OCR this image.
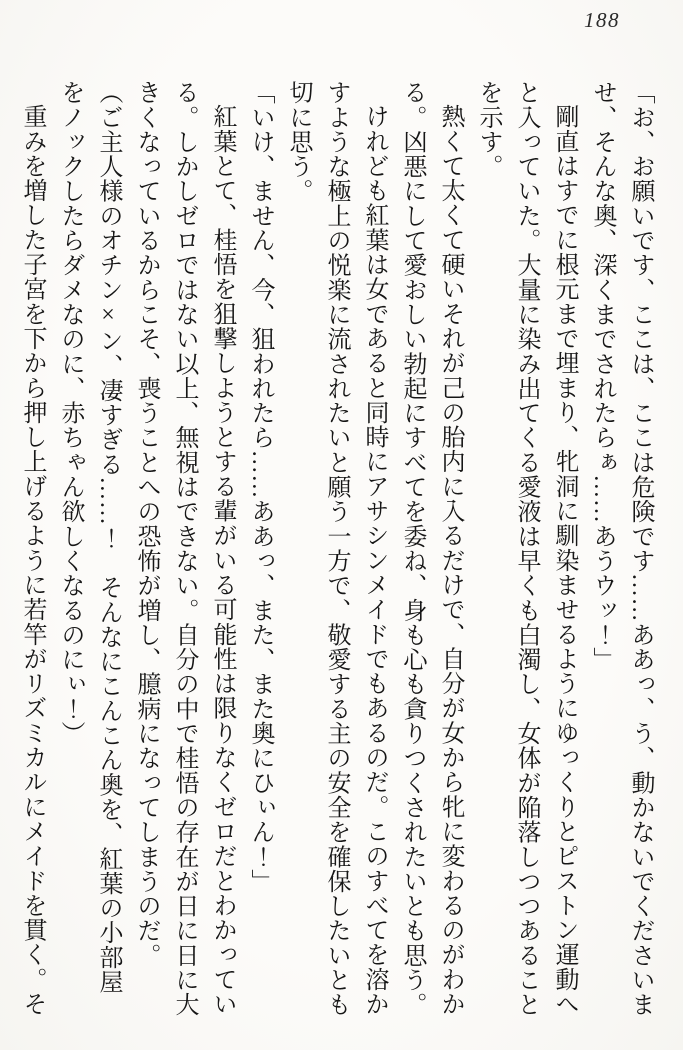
188

「お、お願いです、ここは、ここは危険です……ああっ、う、動かないでくださいませ、そんな奥、深くまでされたらぁ……あうウッ！」

剛直はすでに根元まで埋まり、牝洞に馴染ませるようにゆっくりとピストン運動へと入っていた。大量に染み出てくる愛液は早くも白濁し、女体が陥落しつつあることを示す。

熱くて太くて硬いそれが己の胎内に入るだけで、自分が女から牝に変わるのがわかる。凶悪にして愛おしい勃起にすべてを委ね、身も心も貪りつくされたいとも思う。

けれども紅葉は女であると同時にアサシンメイドでもあるのだ。このすべてを溶かすような極上の悦楽に流されたいと願う一方で、敬愛する主の安全を確保したいとも切に思う。

「いけ、ません、今、狙われたら……ああっ、また、また奥にひぃん！」

紅葉とて、桂悟を狙撃しようとする輩がいる可能性は限りなくゼロだとわかっている。しかしゼロではない以上、無視はできない。自分の中で桂悟の存在が日に日に大きくなっているからこそ、喪うことへの恐怖が増し、臆病になってしまうのだ。

（ご主人様のオチン×ン、凄すぎる……！　そんなにこんこん奥を、紅葉の小部屋をノックしたらダメなのに、赤ちゃん欲しくなるのにぃ！）

重みを増した子宮を下から押し上げるように若竿がリズミカルにメイドを貫く。そ
